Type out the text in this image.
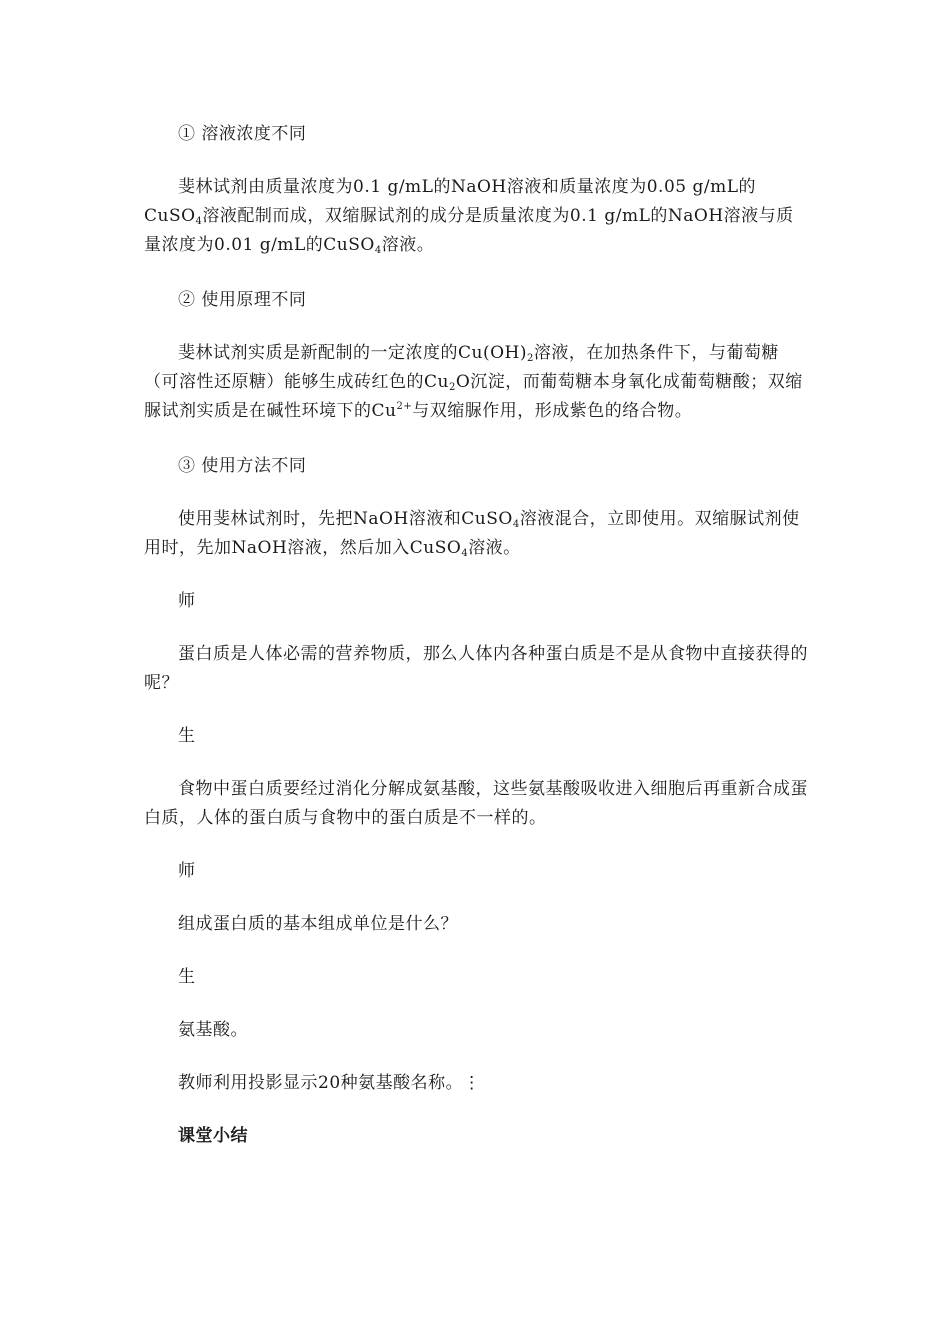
① 溶液浓度不同
斐林试剂由质量浓度为0.1 g/mL的NaOH溶液和质量浓度为0.05 g/mL的CuSO$_4$溶液配制而成，双缩脲试剂的成分是质量浓度为0.1 g/mL的NaOH溶液与质量浓度为0.01 g/mL的CuSO$_4$溶液。
② 使用原理不同
斐林试剂实质是新配制的一定浓度的$Cu(OH)_2$溶液，在加热条件下，与葡萄糖（可溶性还原糖）能够生成砖红色的$Cu_2O$沉淀，而葡萄糖本身氧化成葡萄糖酸；双缩脲试剂实质是在碱性环境下的$Cu^{2+}$与双缩脲作用，形成紫色的络合物。
③ 使用方法不同
使用斐林试剂时，先把NaOH溶液和CuSO$_4$溶液混合，立即使用。双缩脲试剂使用时，先加NaOH溶液，然后加入CuSO$_4$溶液。
师
蛋白质是人体必需的营养物质，那么人体内各种蛋白质是不是从食物中直接获得的呢？
生
食物中蛋白质要经过消化分解成氨基酸，这些氨基酸吸收进入细胞后再重新合成蛋白质，人体的蛋白质与食物中的蛋白质是不一样的。
师
组成蛋白质的基本组成单位是什么？
生
氨基酸。
教师利用投影显示20种氨基酸名称。⋮
课堂小结
